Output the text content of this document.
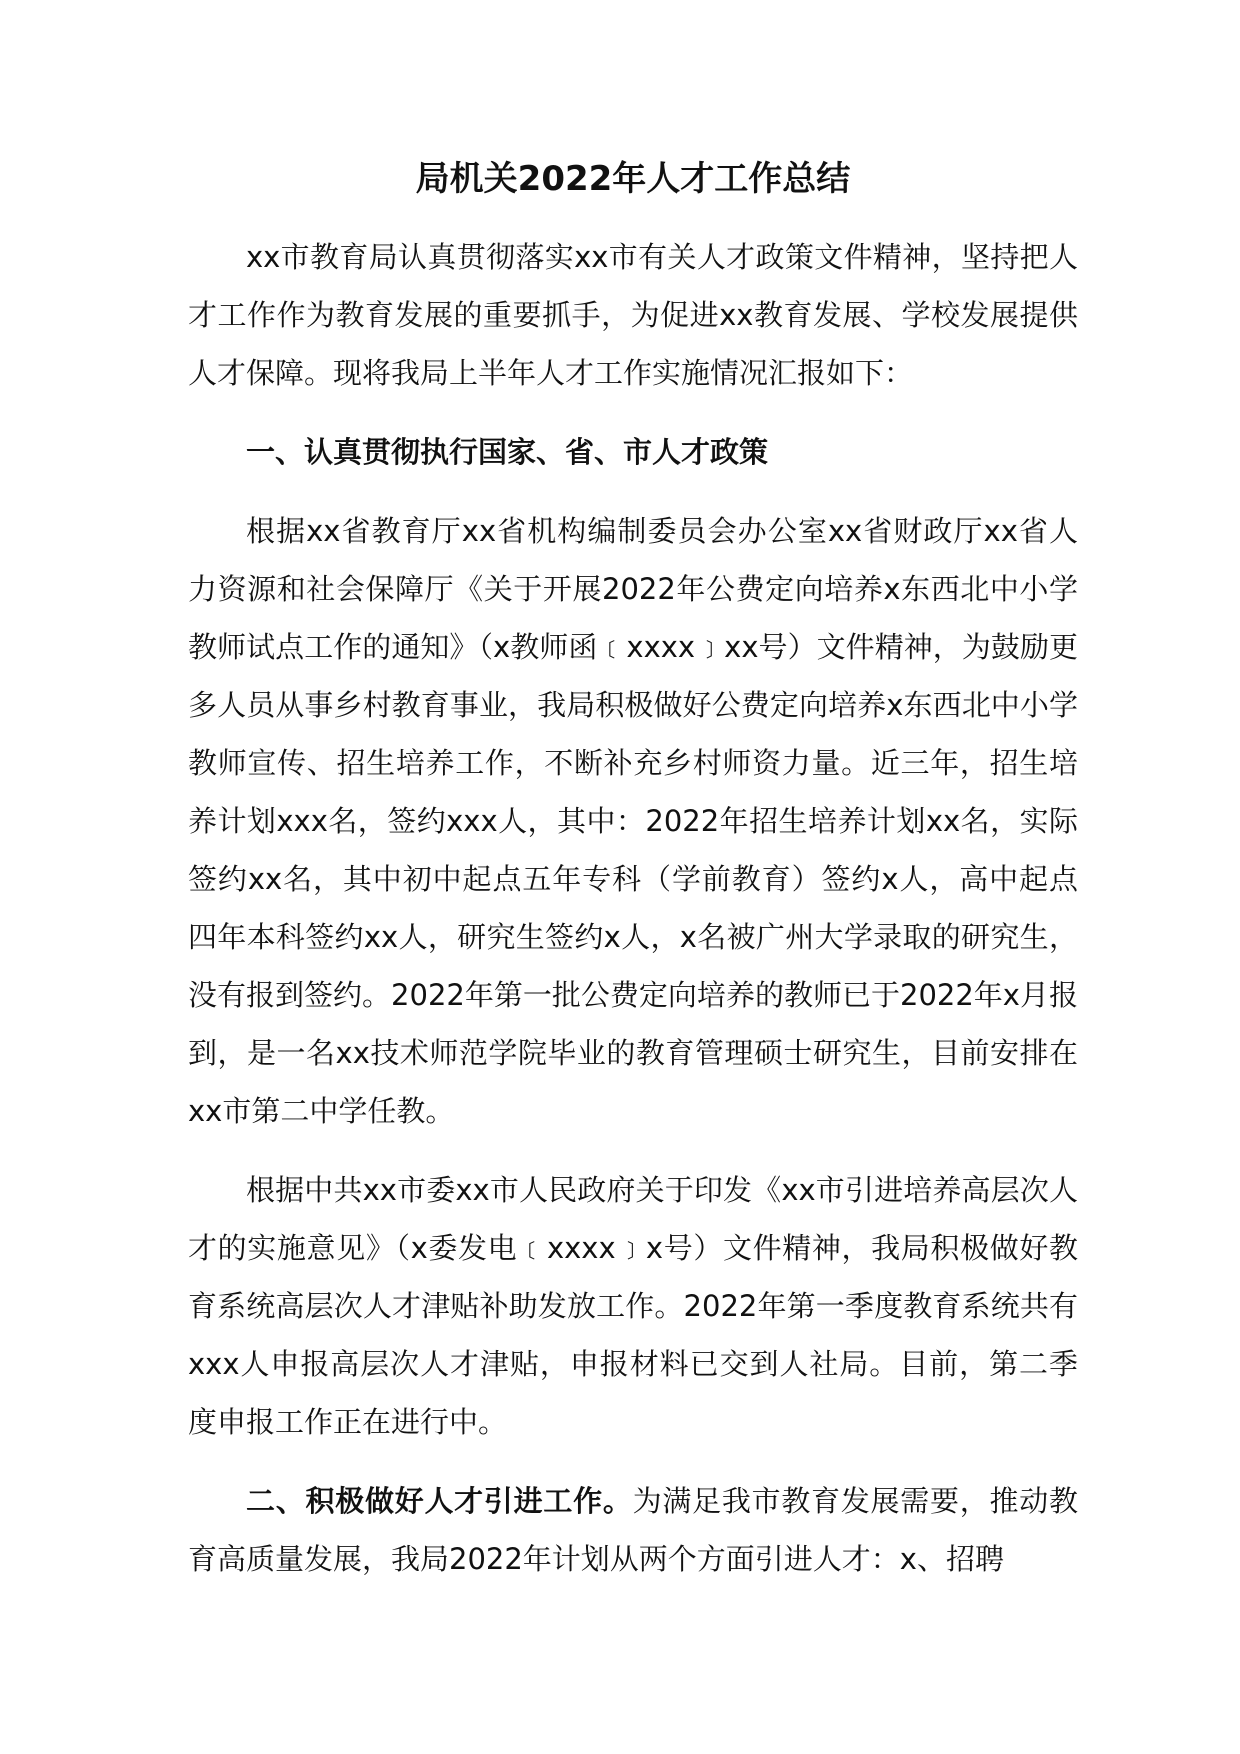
局机关2022年人才工作总结

xx市教育局认真贯彻落实xx市有关人才政策文件精神，坚持把人才工作作为教育发展的重要抓手，为促进xx教育发展、学校发展提供人才保障。现将我局上半年人才工作实施情况汇报如下：

一、认真贯彻执行国家、省、市人才政策

根据xx省教育厅xx省机构编制委员会办公室xx省财政厅xx省人力资源和社会保障厅《关于开展2022年公费定向培养x东西北中小学教师试点工作的通知》（x教师函﹝xxxx﹞xx号）文件精神，为鼓励更多人员从事乡村教育事业，我局积极做好公费定向培养x东西北中小学教师宣传、招生培养工作，不断补充乡村师资力量。近三年，招生培养计划xxx名，签约xxx人，其中：2022年招生培养计划xx名，实际签约xx名，其中初中起点五年专科（学前教育）签约x人，高中起点四年本科签约xx人，研究生签约x人，x名被广州大学录取的研究生，没有报到签约。2022年第一批公费定向培养的教师已于2022年x月报到，是一名xx技术师范学院毕业的教育管理硕士研究生，目前安排在xx市第二中学任教。

根据中共xx市委xx市人民政府关于印发《xx市引进培养高层次人才的实施意见》（x委发电﹝xxxx﹞x号）文件精神，我局积极做好教育系统高层次人才津贴补助发放工作。2022年第一季度教育系统共有xxx人申报高层次人才津贴，申报材料已交到人社局。目前，第二季度申报工作正在进行中。

二、积极做好人才引进工作。为满足我市教育发展需要，推动教育高质量发展，我局2022年计划从两个方面引进人才：x、招聘
